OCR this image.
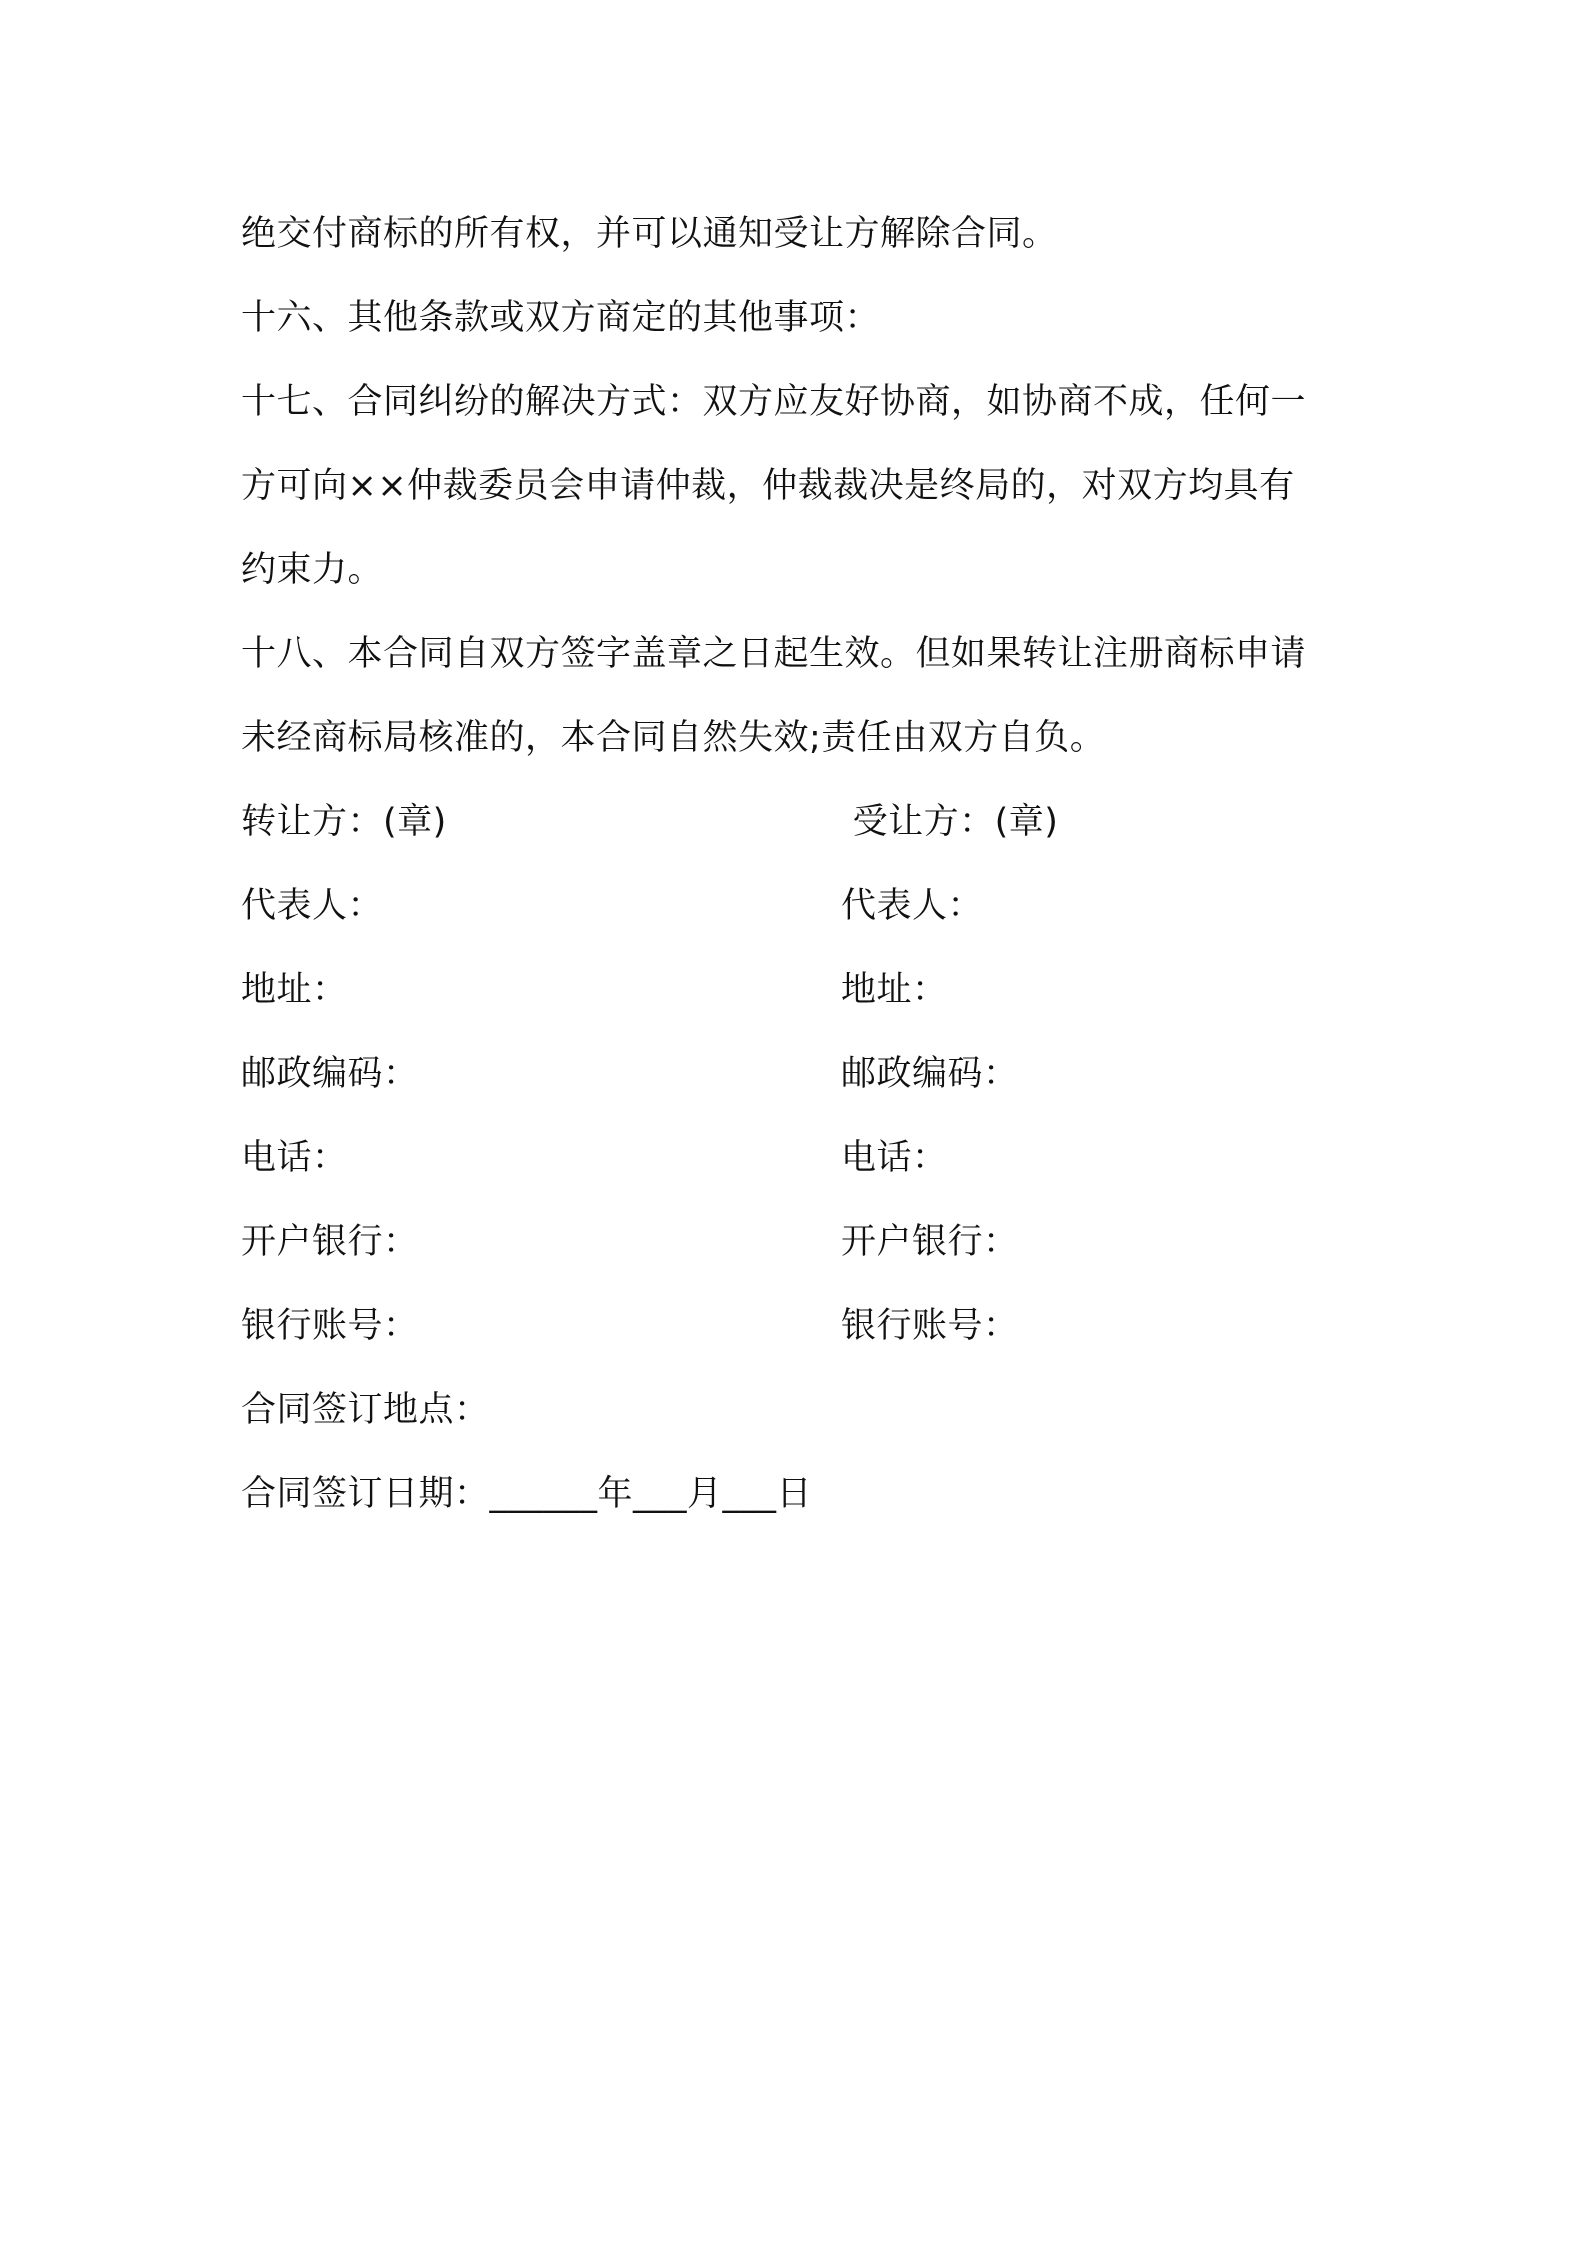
绝交付商标的所有权，并可以通知受让方解除合同。
十六、其他条款或双方商定的其他事项：
十七、合同纠纷的解决方式：双方应友好协商，如协商不成，任何一
方可向××仲裁委员会申请仲裁，仲裁裁决是终局的，对双方均具有
约束力。
十八、本合同自双方签字盖章之日起生效。但如果转让注册商标申请
未经商标局核准的，本合同自然失效;责任由双方自负。
转让方：(章)	受让方：(章)
代表人：	代表人：
地址：	地址：
邮政编码：	邮政编码：
电话：	电话：
开户银行：	开户银行：
银行账号：	银行账号：
合同签订地点：
合同签订日期：______年___月___日
